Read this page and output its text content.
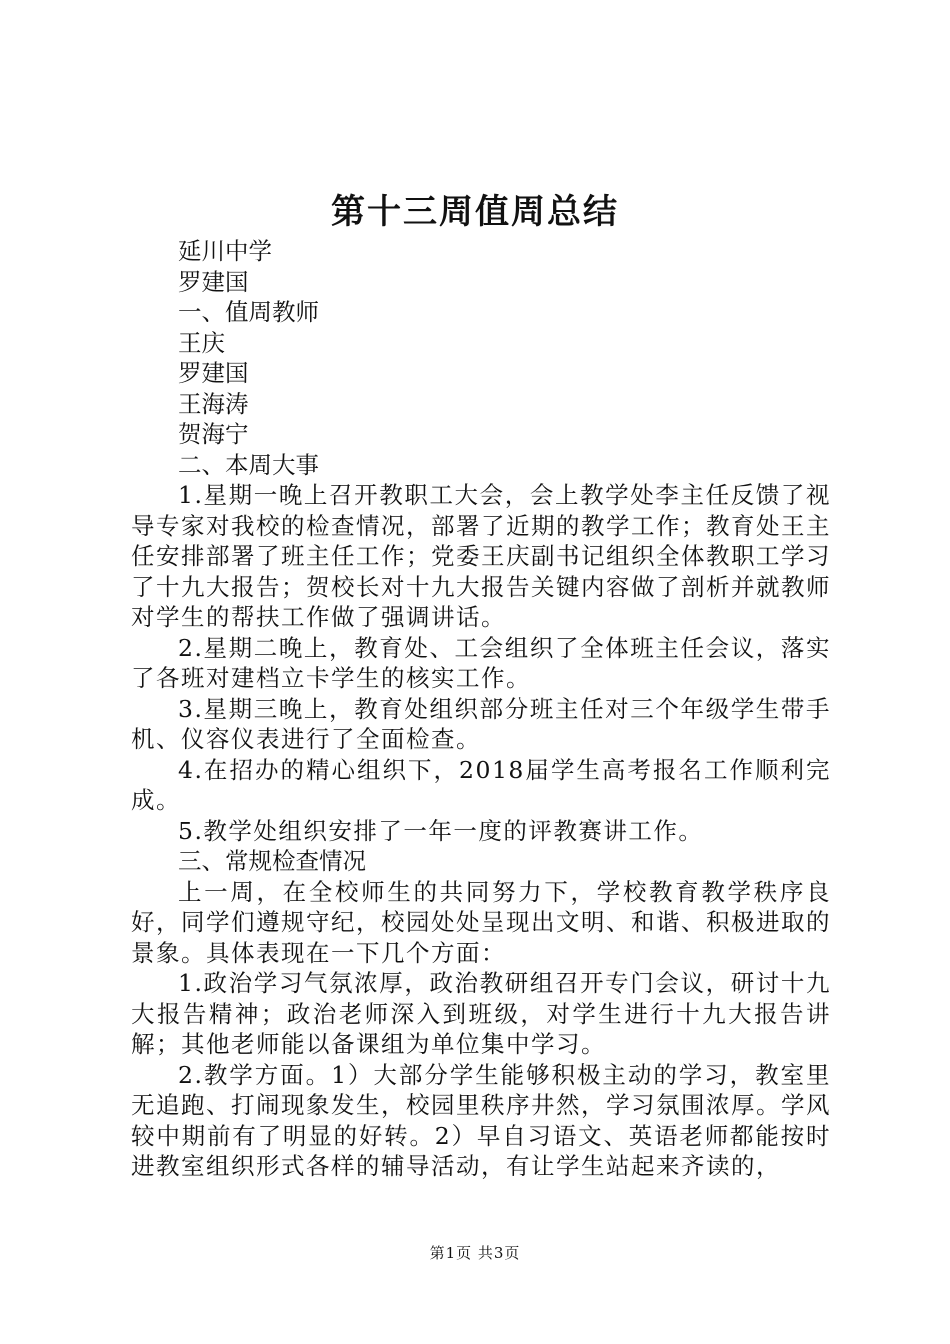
第十三周值周总结
延川中学
罗建国
一、值周教师
王庆
罗建国
王海涛
贺海宁
二、本周大事
1.星期一晚上召开教职工大会，会上教学处李主任反馈了视导专家对我校的检查情况，部署了近期的教学工作；教育处王主任安排部署了班主任工作；党委王庆副书记组织全体教职工学习了十九大报告；贺校长对十九大报告关键内容做了剖析并就教师对学生的帮扶工作做了强调讲话。
2.星期二晚上，教育处、工会组织了全体班主任会议，落实了各班对建档立卡学生的核实工作。
3.星期三晚上，教育处组织部分班主任对三个年级学生带手机、仪容仪表进行了全面检查。
4.在招办的精心组织下，2018届学生高考报名工作顺利完成。
5.教学处组织安排了一年一度的评教赛讲工作。
三、常规检查情况
上一周，在全校师生的共同努力下，学校教育教学秩序良好，同学们遵规守纪，校园处处呈现出文明、和谐、积极进取的景象。具体表现在一下几个方面：
1.政治学习气氛浓厚，政治教研组召开专门会议，研讨十九大报告精神；政治老师深入到班级，对学生进行十九大报告讲解；其他老师能以备课组为单位集中学习。
2.教学方面。1）大部分学生能够积极主动的学习，教室里无追跑、打闹现象发生，校园里秩序井然，学习氛围浓厚。学风较中期前有了明显的好转。2）早自习语文、英语老师都能按时进教室组织形式各样的辅导活动，有让学生站起来齐读的，
第1页 共3页
